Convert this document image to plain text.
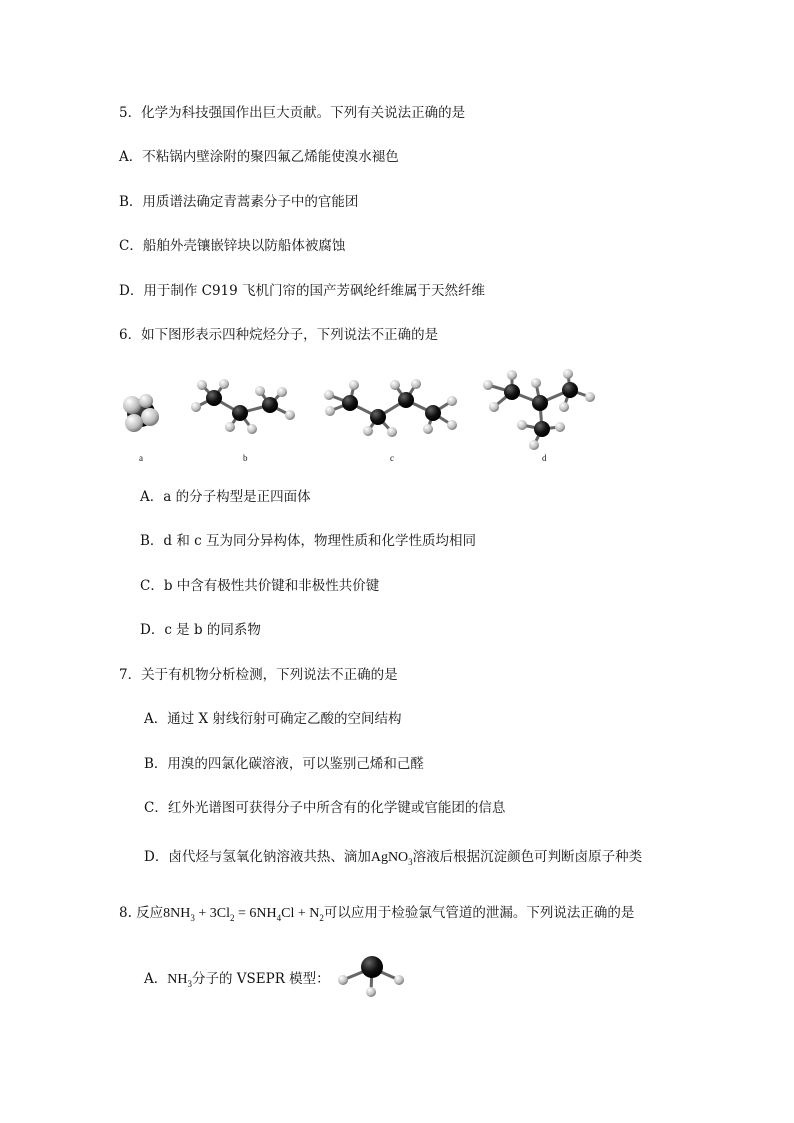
5．化学为科技强国作出巨大贡献。下列有关说法正确的是
A．不粘锅内壁涂附的聚四氟乙烯能使溴水褪色
B．用质谱法确定青蒿素分子中的官能团
C．船舶外壳镶嵌锌块以防船体被腐蚀
D．用于制作 C919 飞机门帘的国产芳砜纶纤维属于天然纤维
6．如下图形表示四种烷烃分子，下列说法不正确的是
a	b	c	d
A．a 的分子构型是正四面体
B．d 和 c 互为同分异构体，物理性质和化学性质均相同
C．b 中含有极性共价键和非极性共价键
D．c 是 b 的同系物
7．关于有机物分析检测，下列说法不正确的是
A．通过 X 射线衍射可确定乙酸的空间结构
B．用溴的四氯化碳溶液，可以鉴别己烯和己醛
C．红外光谱图可获得分子中所含有的化学键或官能团的信息
D．卤代烃与氢氧化钠溶液共热、滴加AgNO$_3$溶液后根据沉淀颜色可判断卤原子种类
8. 反应$8NH_3 + 3Cl_2 = 6NH_4Cl + N_2$可以应用于检验氯气管道的泄漏。下列说法正确的是
A．$NH_3$分子的 VSEPR 模型：
